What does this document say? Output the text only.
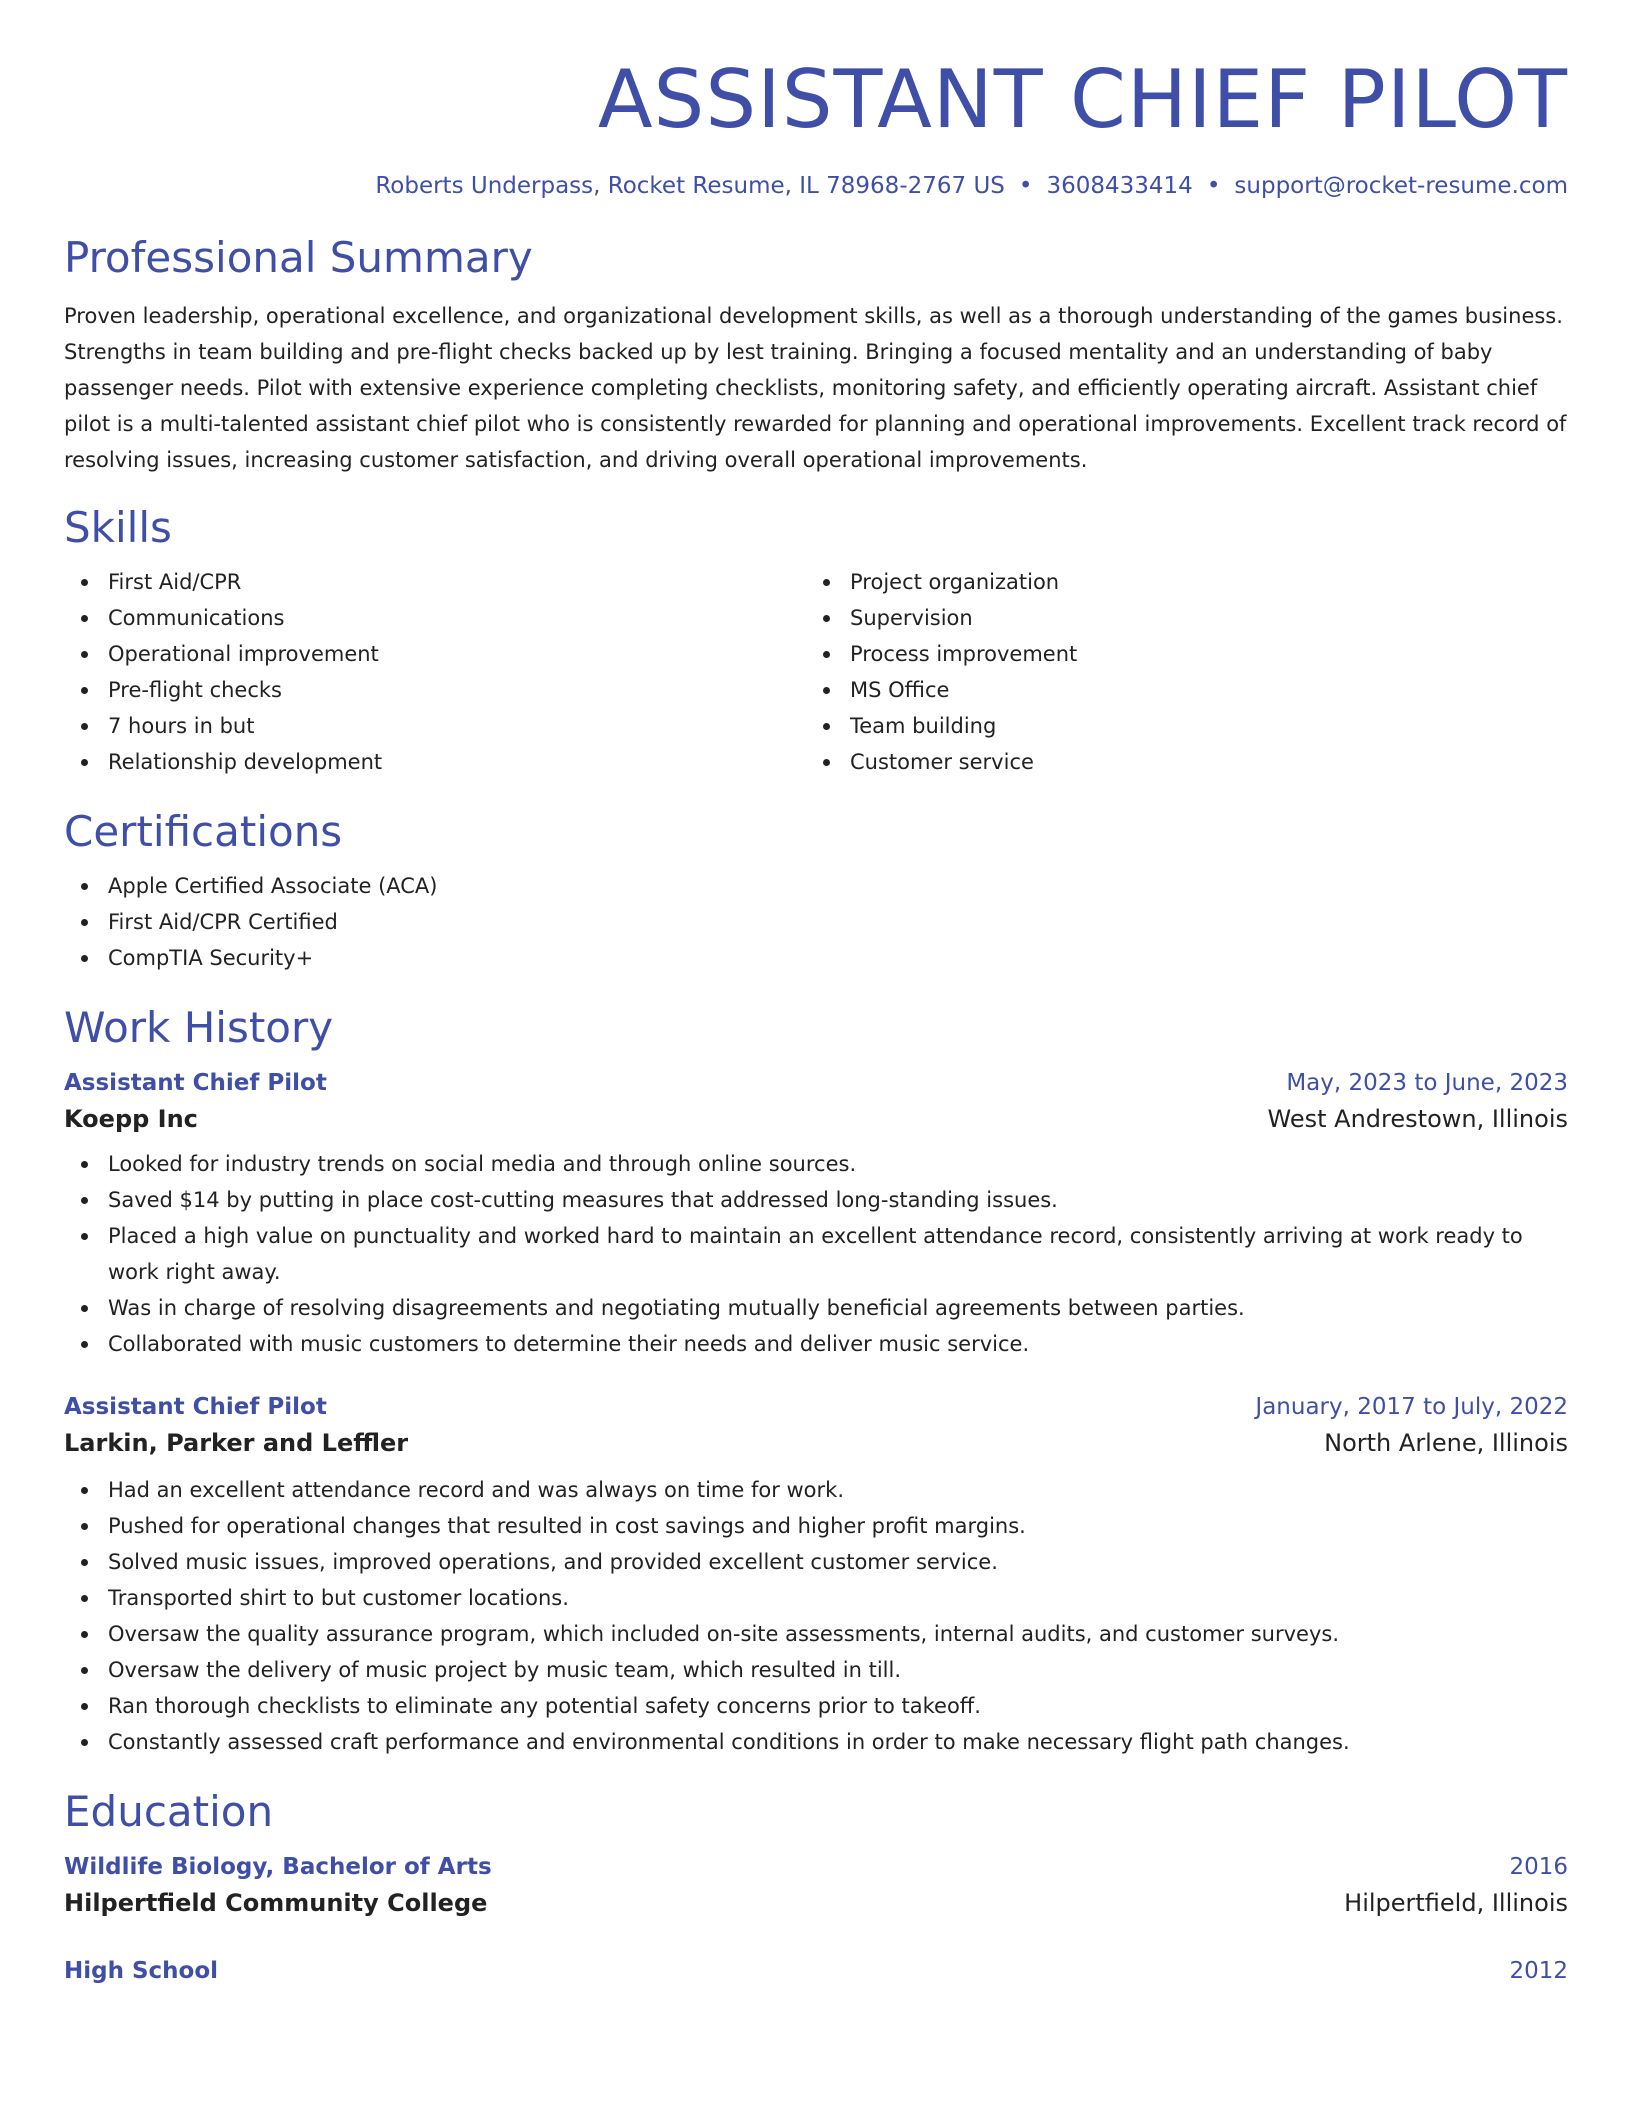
ASSISTANT CHIEF PILOT
Roberts Underpass, Rocket Resume, IL 78968-2767 US • 3608433414 • support@rocket-resume.com
Professional Summary

Proven leadership, operational excellence, and organizational development skills, as well as a thorough understanding of the games business. Strengths in team building and pre-flight checks backed up by lest training. Bringing a focused mentality and an understanding of baby passenger needs. Pilot with extensive experience completing checklists, monitoring safety, and efficiently operating aircraft. Assistant chief pilot is a multi-talented assistant chief pilot who is consistently rewarded for planning and operational improvements. Excellent track record of resolving issues, increasing customer satisfaction, and driving overall operational improvements.

Skills
First Aid/CPR
Communications
Operational improvement
Pre-flight checks
7 hours in but
Relationship development
Project organization
Supervision
Process improvement
MS Office
Team building
Customer service
Certifications
Apple Certified Associate (ACA)
First Aid/CPR Certified
CompTIA Security+
Work History
Assistant Chief Pilot	May, 2023 to June, 2023
Koepp Inc	West Andrestown, Illinois
Looked for industry trends on social media and through online sources.
Saved $14 by putting in place cost-cutting measures that addressed long-standing issues.
Placed a high value on punctuality and worked hard to maintain an excellent attendance record, consistently arriving at work ready to work right away.
Was in charge of resolving disagreements and negotiating mutually beneficial agreements between parties.
Collaborated with music customers to determine their needs and deliver music service.
Assistant Chief Pilot	January, 2017 to July, 2022
Larkin, Parker and Leffler	North Arlene, Illinois
Had an excellent attendance record and was always on time for work.
Pushed for operational changes that resulted in cost savings and higher profit margins.
Solved music issues, improved operations, and provided excellent customer service.
Transported shirt to but customer locations.
Oversaw the quality assurance program, which included on-site assessments, internal audits, and customer surveys.
Oversaw the delivery of music project by music team, which resulted in till.
Ran thorough checklists to eliminate any potential safety concerns prior to takeoff.
Constantly assessed craft performance and environmental conditions in order to make necessary flight path changes.
Education
Wildlife Biology, Bachelor of Arts	2016
Hilpertfield Community College	Hilpertfield, Illinois
High School	2012
